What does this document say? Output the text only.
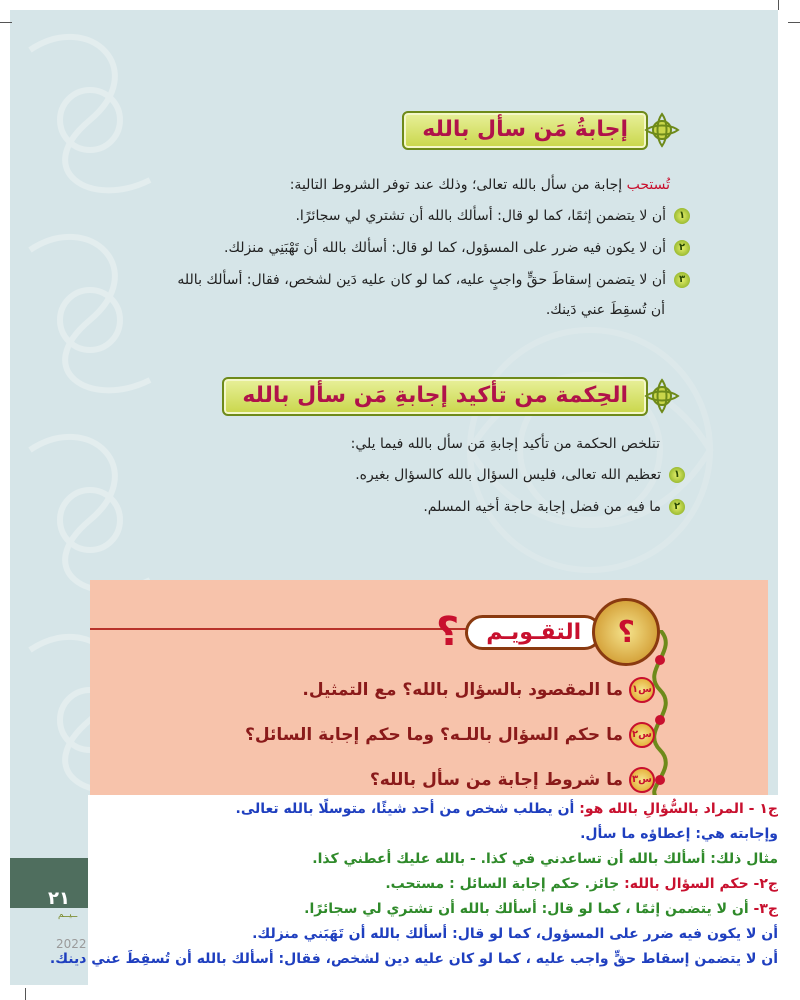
إجابةُ مَن سأل بالله

تُستحب إجابة من سأل بالله تعالى؛ وذلك عند توفر الشروط التالية:

١أن لا يتضمن إثمًا، كما لو قال: أسألك بالله أن تشتري لي سجائرًا.

٢أن لا يكون فيه ضرر على المسؤول، كما لو قال: أسألك بالله أن تَهْبَنِي منزلك.

٣أن لا يتضمن إسقاطَ حقٍّ واجبٍ عليه، كما لو كان عليه دَين لشخص، فقال: أسألك بالله

أن تُسقِطَ عني دَينك.

الحِكمة من تأكيد إجابةِ مَن سأل بالله

تتلخص الحكمة من تأكيد إجابةِ مَن سأل بالله فيما يلي:

١تعظيم الله تعالى، فليس السؤال بالله كالسؤال بغيره.

٢ما فيه من فضل إجابة حاجة أخيه المسلم.

؟
التقـويـم
؟

س١ما المقصود بالسؤال بالله؟ مع التمثيل.

س٢ما حكم السؤال باللـه؟ وما حكم إجابة السائل؟

س٣ما شروط إجابة من سأل بالله؟

٢١
ــيــم
2022

ج١ - المراد بالسُّؤالِ بالله هو: أن يطلب شخص من أحد شيئًا، متوسلًا بالله تعالى.

وإجابته هي: إعطاؤه ما سأل.

مثال ذلك: أسألك بالله أن تساعدني في كذا. - بالله عليك أعطني كذا.

ج٢- حكم السؤال بالله: جائز. حكم إجابة السائل : مستحب.

ج٣- أن لا يتضمن إثمًا ، كما لو قال: أسألك بالله أن تشتري لي سجائرًا.

أن لا يكون فيه ضرر على المسؤول، كما لو قال: أسألك بالله أن تَهَبَني منزلك.

أن لا يتضمن إسقاط حقٍّ واجب عليه ، كما لو كان عليه دين لشخص، فقال: أسألك بالله أن تُسقِطَ عني دينك.
